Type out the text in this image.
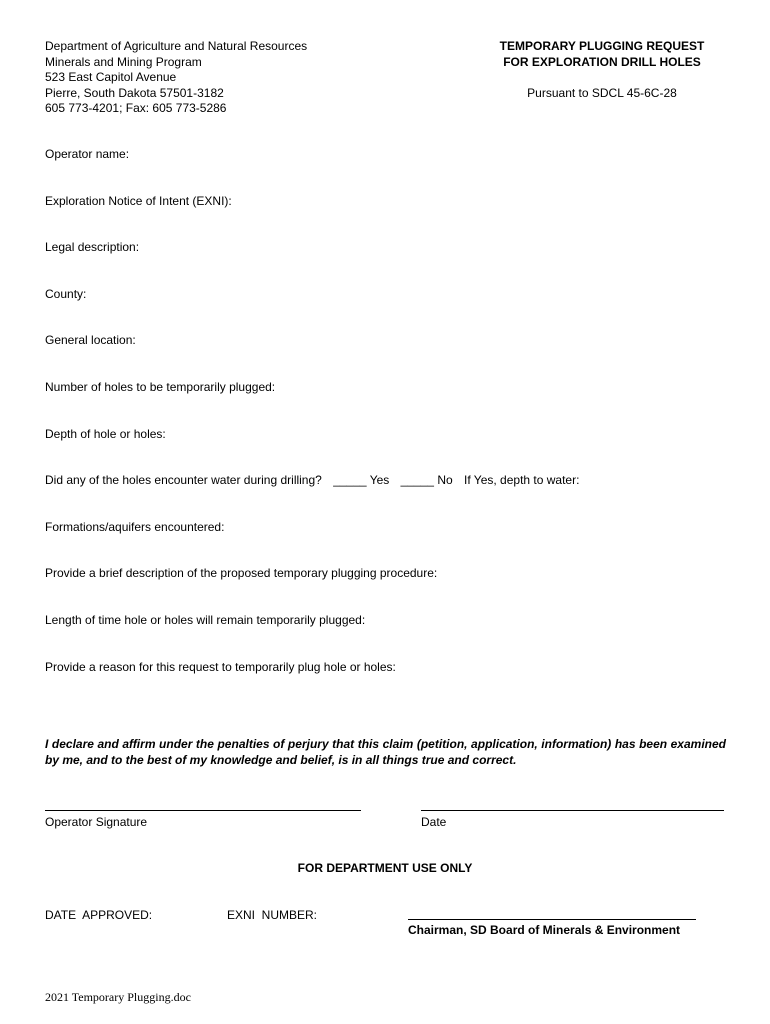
Department of Agriculture and Natural Resources
Minerals and Mining Program
523 East Capitol Avenue
Pierre, South Dakota 57501-3182
605 773-4201; Fax: 605 773-5286
TEMPORARY PLUGGING REQUEST
FOR EXPLORATION DRILL HOLES
Pursuant to SDCL 45-6C-28
Operator name:
Exploration Notice of Intent (EXNI):
Legal description:
County:
General location:
Number of holes to be temporarily plugged:
Depth of hole or holes:
Did any of the holes encounter water during drilling? _____ Yes _____ No If Yes, depth to water:
Formations/aquifers encountered:
Provide a brief description of the proposed temporary plugging procedure:
Length of time hole or holes will remain temporarily plugged:
Provide a reason for this request to temporarily plug hole or holes:
I declare and affirm under the penalties of perjury that this claim (petition, application, information) has been examined by me, and to the best of my knowledge and belief, is in all things true and correct.
Operator Signature	Date
FOR DEPARTMENT USE ONLY
DATE  APPROVED:	EXNI  NUMBER:
Chairman, SD Board of Minerals & Environment
2021 Temporary Plugging.doc
